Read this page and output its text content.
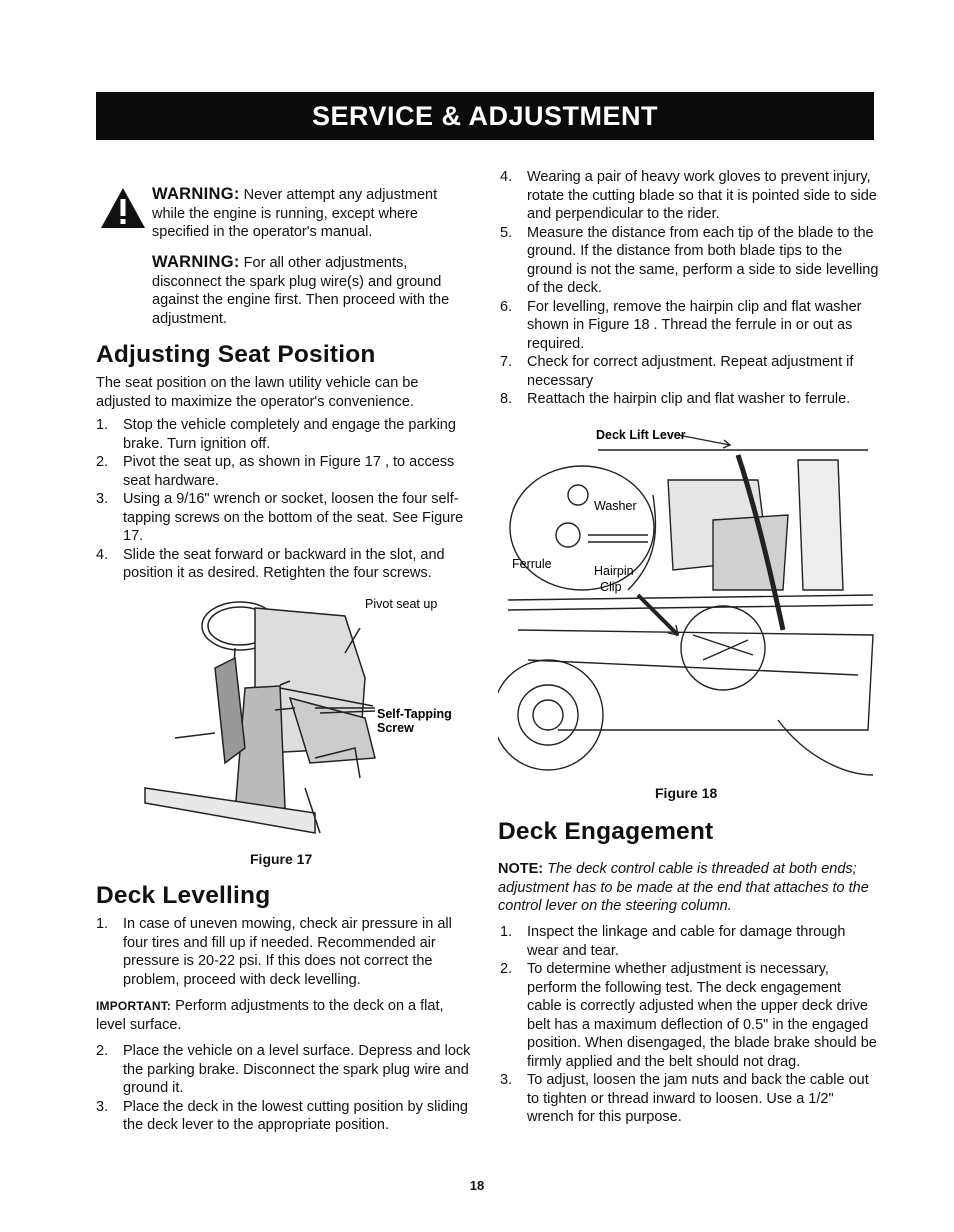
SERVICE & ADJUSTMENT
WARNING: Never attempt any adjustment while the engine is running, except where specified in the operator's manual.
WARNING: For all other adjustments, disconnect the spark plug wire(s) and ground against the engine first. Then proceed with the adjustment.
Adjusting Seat Position
The seat position on the lawn utility vehicle can be adjusted to maximize the operator's convenience.
1. Stop the vehicle completely and engage the parking brake. Turn ignition off.
2. Pivot the seat up, as shown in Figure 17 , to access seat hardware.
3. Using a 9/16" wrench or socket, loosen the four self-tapping screws on the bottom of the seat. See Figure 17.
4. Slide the seat forward or backward in the slot, and position it as desired. Retighten the four screws.
Pivot seat up
Self-Tapping
Screw
Figure 17
Deck Levelling
1. In case of uneven mowing, check air pressure in all four tires and fill up if needed. Recommended air pressure is 20-22 psi. If this does not correct the problem, proceed with deck levelling.
IMPORTANT: Perform adjustments to the deck on a flat, level surface.
2. Place the vehicle on a level surface. Depress and lock the parking brake. Disconnect the spark plug wire and ground it.
3. Place the deck in the lowest cutting position by sliding the deck lever to the appropriate position.
4. Wearing a pair of heavy work gloves to prevent injury, rotate the cutting blade so that it is pointed side to side and perpendicular to the rider.
5. Measure the distance from each tip of the blade to the ground. If the distance from both blade tips to the ground is not the same, perform a side to side levelling of the deck.
6. For levelling, remove the hairpin clip and flat washer shown in Figure 18 . Thread the ferrule in or out as required.
7. Check for correct adjustment. Repeat adjustment if necessary
8. Reattach the hairpin clip and flat washer to ferrule.
Deck Lift Lever
Washer
Ferrule	Hairpin
Clip
Figure 18
Deck Engagement
NOTE: The deck control cable is threaded at both ends; adjustment has to be made at the end that attaches to the control lever on the steering column.
1. Inspect the linkage and cable for damage through wear and tear.
2. To determine whether adjustment is necessary, perform the following test. The deck engagement cable is correctly adjusted when the upper deck drive belt has a maximum deflection of 0.5" in the engaged position. When disengaged, the blade brake should be firmly applied and the belt should not drag.
3. To adjust, loosen the jam nuts and back the cable out to tighten or thread inward to loosen. Use a 1/2" wrench for this purpose.
18
